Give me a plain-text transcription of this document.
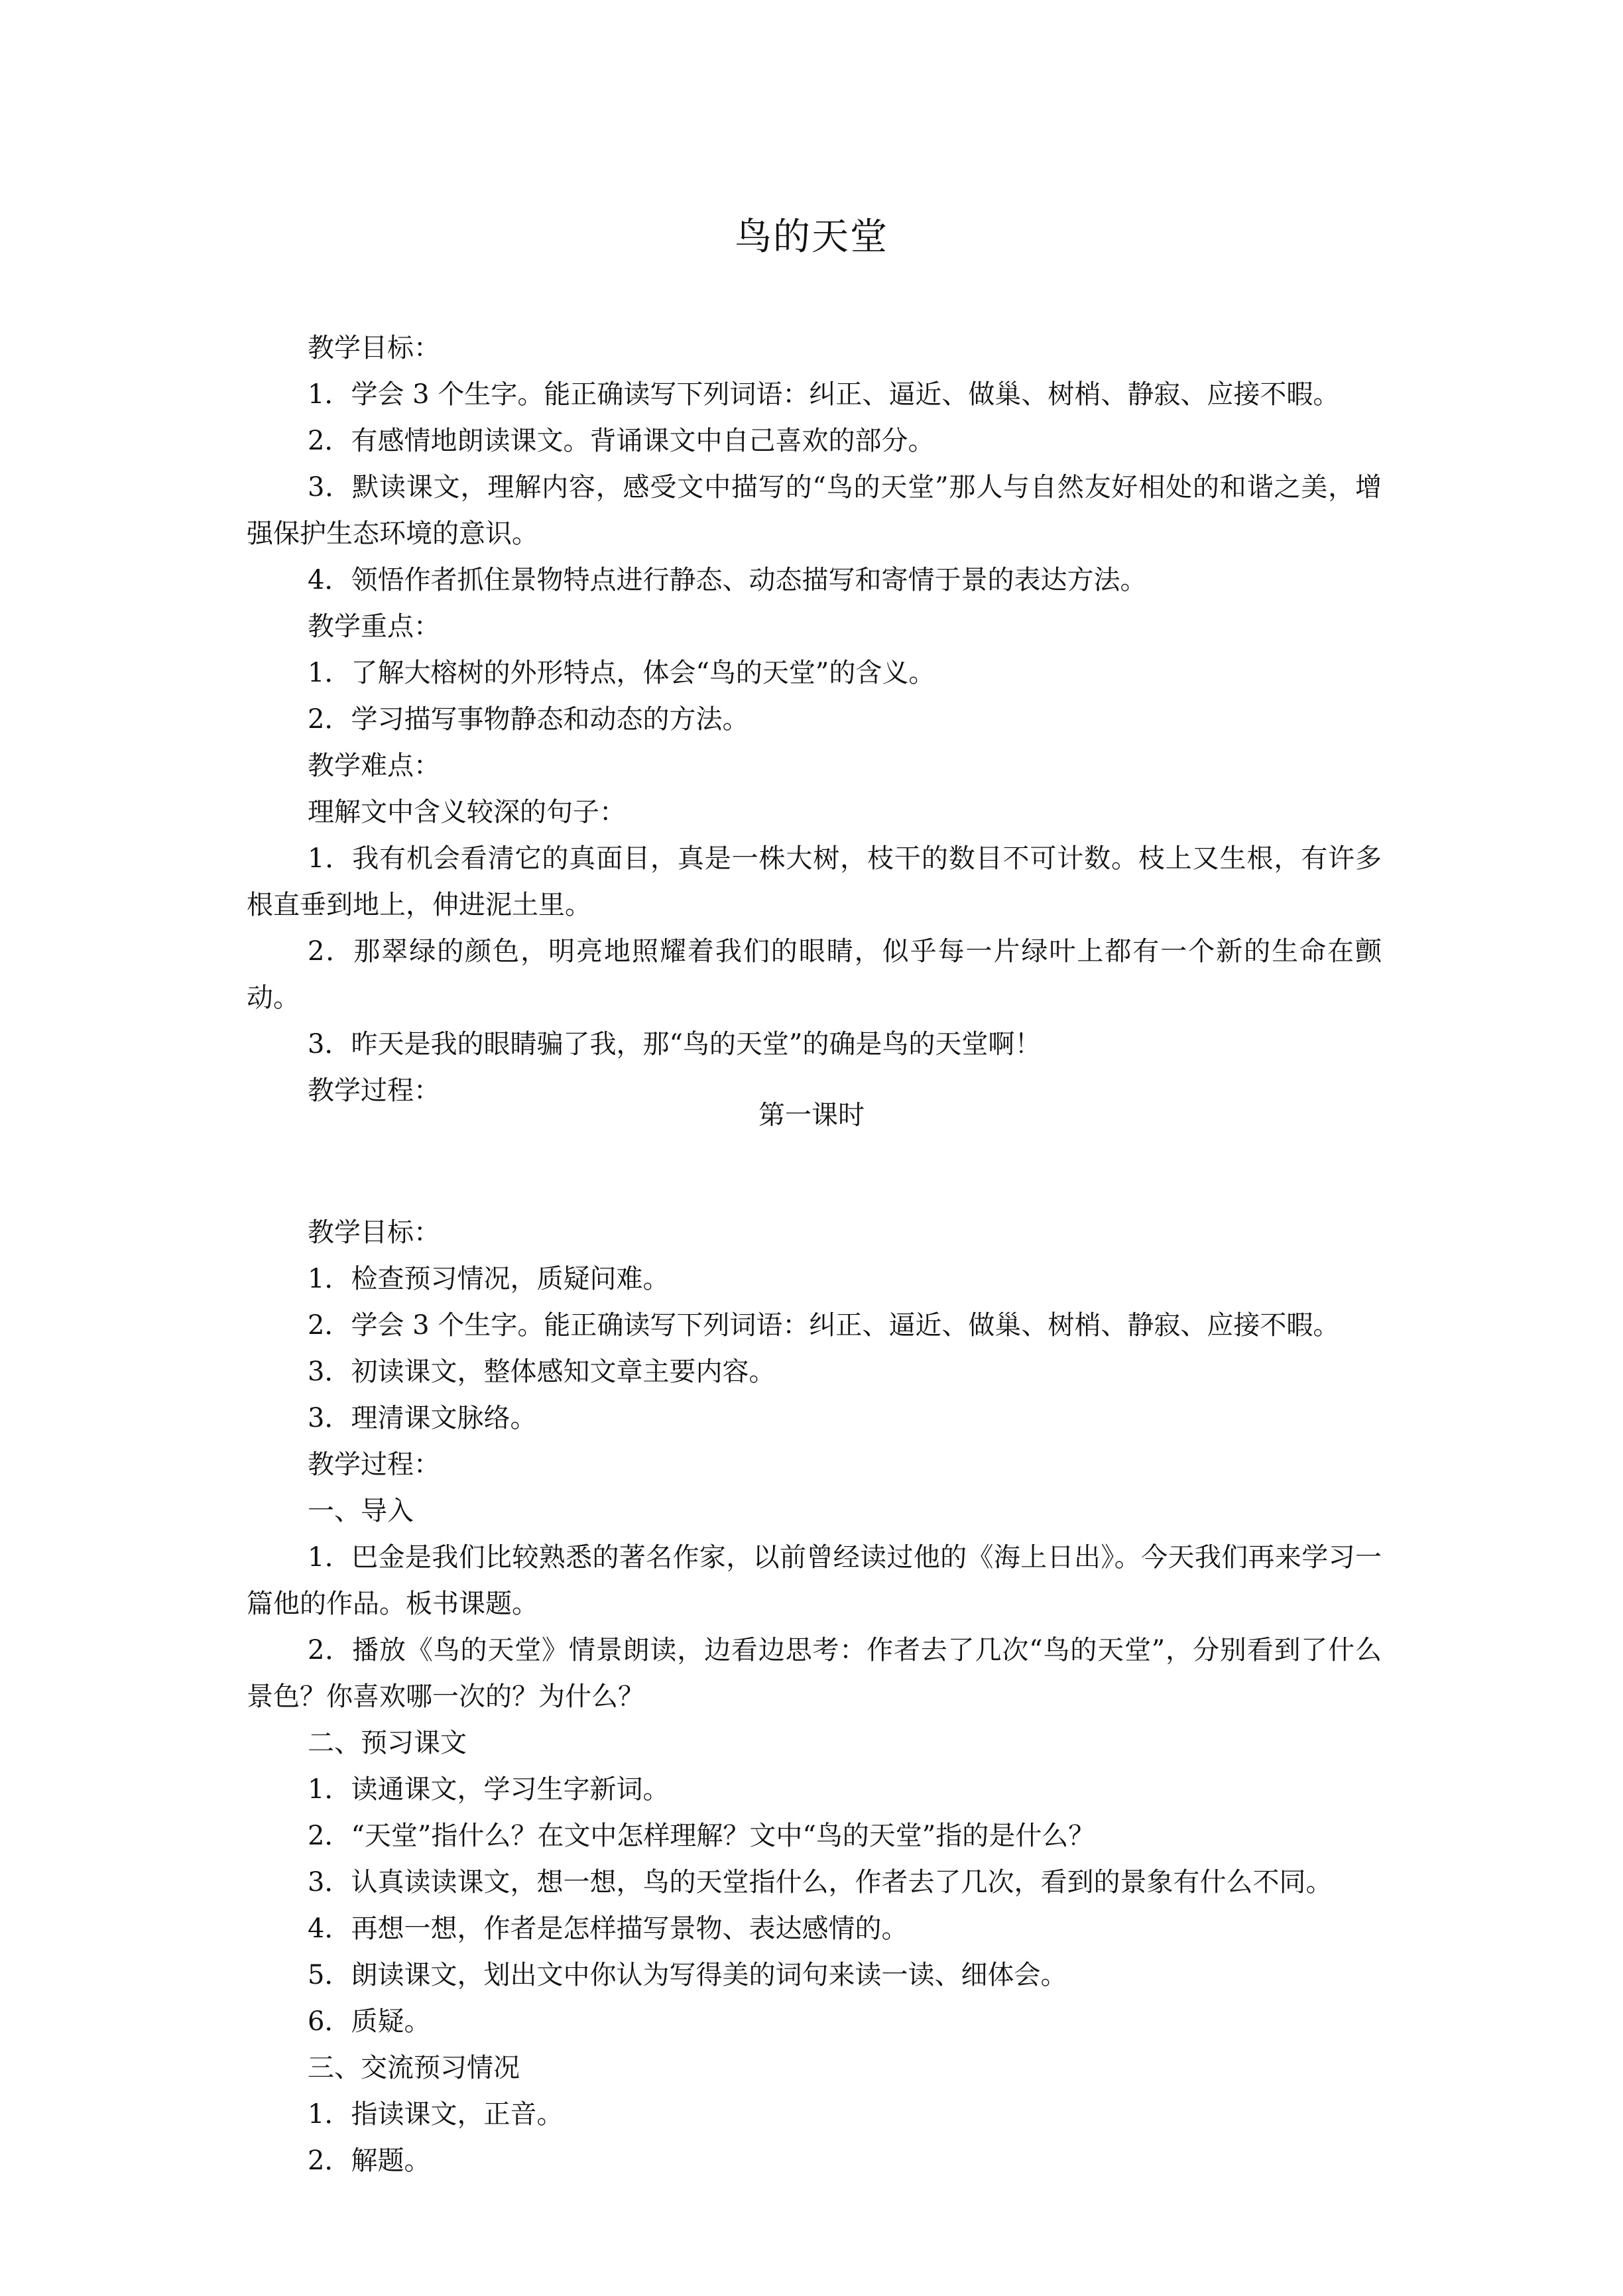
鸟的天堂

教学目标：

1．学会 3 个生字。能正确读写下列词语：纠正、逼近、做巢、树梢、静寂、应接不暇。

2．有感情地朗读课文。背诵课文中自己喜欢的部分。

3．默读课文，理解内容，感受文中描写的“鸟的天堂”那人与自然友好相处的和谐之美，增强保护生态环境的意识。

4．领悟作者抓住景物特点进行静态、动态描写和寄情于景的表达方法。

教学重点：

1．了解大榕树的外形特点，体会“鸟的天堂”的含义。

2．学习描写事物静态和动态的方法。

教学难点：

理解文中含义较深的句子：

1．我有机会看清它的真面目，真是一株大树，枝干的数目不可计数。枝上又生根，有许多根直垂到地上，伸进泥土里。

2．那翠绿的颜色，明亮地照耀着我们的眼睛，似乎每一片绿叶上都有一个新的生命在颤动。

3．昨天是我的眼睛骗了我，那“鸟的天堂”的确是鸟的天堂啊！

教学过程：

第一课时

教学目标：

1．检查预习情况，质疑问难。

2．学会 3 个生字。能正确读写下列词语：纠正、逼近、做巢、树梢、静寂、应接不暇。

3．初读课文，整体感知文章主要内容。

3．理清课文脉络。

教学过程：

一、导入

1．巴金是我们比较熟悉的著名作家，以前曾经读过他的《海上日出》。今天我们再来学习一篇他的作品。板书课题。

2．播放《鸟的天堂》情景朗读，边看边思考：作者去了几次“鸟的天堂”，分别看到了什么景色？你喜欢哪一次的？为什么？

二、预习课文

1．读通课文，学习生字新词。

2．“天堂”指什么？在文中怎样理解？文中“鸟的天堂”指的是什么？

3．认真读读课文，想一想，鸟的天堂指什么，作者去了几次，看到的景象有什么不同。

4．再想一想，作者是怎样描写景物、表达感情的。

5．朗读课文，划出文中你认为写得美的词句来读一读、细体会。

6．质疑。

三、交流预习情况

1．指读课文，正音。

2．解题。
